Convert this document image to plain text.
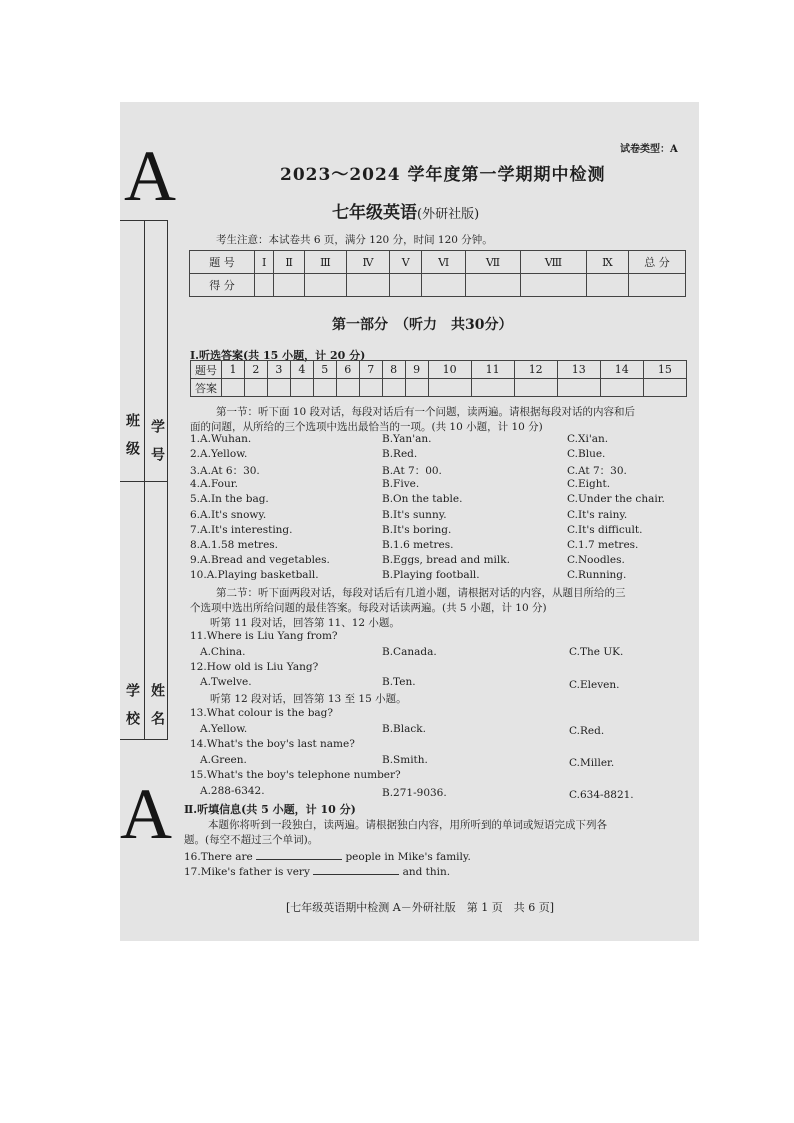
A
A
试卷类型：A
2023～2024 学年度第一学期期中检测
七年级英语(外研社版)
考生注意：本试卷共 6 页，满分 120 分，时间 120 分钟。
班级 学号
学校 姓名
题 号	Ⅰ	Ⅱ	Ⅲ	Ⅳ	Ⅴ	Ⅵ	Ⅶ	Ⅷ	Ⅸ	总 分
得 分										
第一部分　（听力　共30分）
Ⅰ.听选答案(共 15 小题，计 20 分)
题号	1	2	3	4	5	6	7	8	9	10	11	12	13	14	15
答案															
第一节：听下面 10 段对话，每段对话后有一个问题，读两遍。请根据每段对话的内容和后
面的问题，从所给的三个选项中选出最恰当的一项。(共 10 小题，计 10 分)
1.A.Wuhan.	B.Yan'an.	C.Xi'an.
2.A.Yellow.	B.Red.	C.Blue.
3.A.At 6：30.	B.At 7：00.	C.At 7：30.
4.A.Four.	B.Five.	C.Eight.
5.A.In the bag.	B.On the table.	C.Under the chair.
6.A.It's snowy.	B.It's sunny.	C.It's rainy.
7.A.It's interesting.	B.It's boring.	C.It's difficult.
8.A.1.58 metres.	B.1.6 metres.	C.1.7 metres.
9.A.Bread and vegetables.	B.Eggs, bread and milk.	C.Noodles.
10.A.Playing basketball.	B.Playing football.	C.Running.
第二节：听下面两段对话，每段对话后有几道小题，请根据对话的内容，从题目所给的三
个选项中选出所给问题的最佳答案。每段对话读两遍。(共 5 小题，计 10 分)
听第 11 段对话，回答第 11、12 小题。
11.Where is Liu Yang from?
A.China.	B.Canada.	C.The UK.
12.How old is Liu Yang?
A.Twelve.	B.Ten.	C.Eleven.
听第 12 段对话，回答第 13 至 15 小题。
13.What colour is the bag?
A.Yellow.	B.Black.	C.Red.
14.What's the boy's last name?
A.Green.	B.Smith.	C.Miller.
15.What's the boy's telephone number?
A.288-6342.	B.271-9036.	C.634-8821.
Ⅱ.听填信息(共 5 小题，计 10 分)
本题你将听到一段独白，读两遍。请根据独白内容，用所听到的单词或短语完成下列各
题。(每空不超过三个单词)。
16.There are	people in Mike's family.
17.Mike's father is very	and thin.
[七年级英语期中检测 A－外研社版　第 1 页　共 6 页]
